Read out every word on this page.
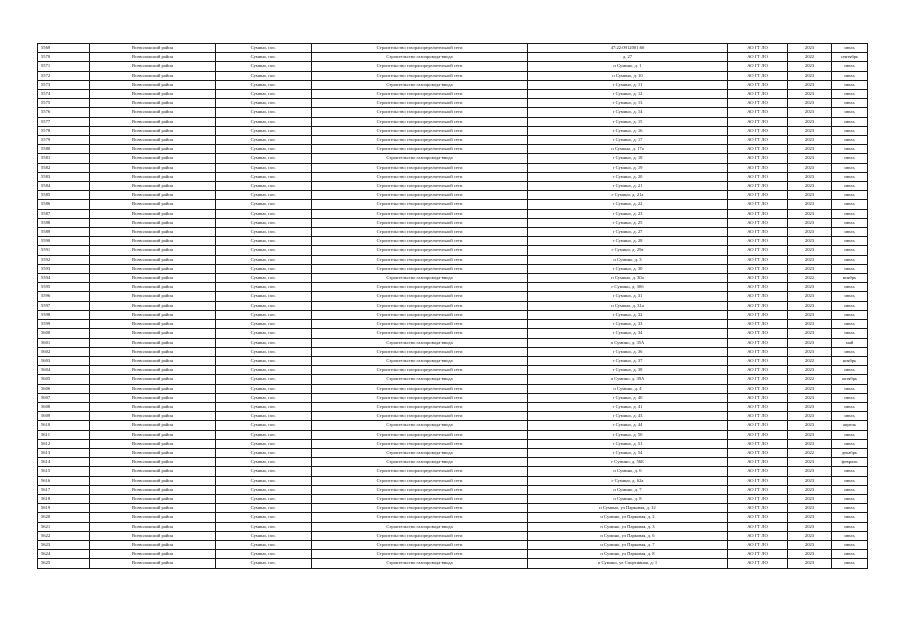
5569	Всеволожский район	Сумино, пос.	Строительство газораспределительной сети	47:22:0912001:60	АО ГТ ЛО	2023	июль
5570	Всеволожский район	Сумино, пос.	Строительство газопровода-ввода	д. 27	АО ГТ ЛО	2022	сентябрь
5571	Всеволожский район	Сумино, пос.	Строительство газораспределительной сети	п Сумино, д. 1	АО ГТ ЛО	2023	июль
5572	Всеволожский район	Сумино, пос.	Строительство газораспределительной сети	п Сумино, д. 10	АО ГТ ЛО	2023	июль
5573	Всеволожский район	Сумино, пос.	Строительство газопровода-ввода	г Сумино, д. 11	АО ГТ ЛО	2023	июль
5574	Всеволожский район	Сумино, пос.	Строительство газораспределительной сети	г Сумино, д. 12	АО ГТ ЛО	2023	июль
5575	Всеволожский район	Сумино, пос.	Строительство газораспределительной сети	г Сумино, д. 13	АО ГТ ЛО	2023	июль
5576	Всеволожский район	Сумино, пос.	Строительство газораспределительной сети	г Сумино, д. 14	АО ГТ ЛО	2023	июль
5577	Всеволожский район	Сумино, пос.	Строительство газораспределительной сети	г Сумино, д. 15	АО ГТ ЛО	2023	июль
5578	Всеволожский район	Сумино, пос.	Строительство газораспределительной сети	г Сумино, д. 16	АО ГТ ЛО	2023	июль
5579	Всеволожский район	Сумино, пос.	Строительство газораспределительной сети	г Сумино, д. 17	АО ГТ ЛО	2023	июль
5580	Всеволожский район	Сумино, пос.	Строительство газораспределительной сети	п Сумино, д. 17а	АО ГТ ЛО	2023	июль
5581	Всеволожский район	Сумино, пос.	Строительство газопровода-ввода	г Сумино, д. 18	АО ГТ ЛО	2023	июль
5582	Всеволожский район	Сумино, пос.	Строительство газораспределительной сети	г Сумино, д. 19	АО ГТ ЛО	2023	июль
5583	Всеволожский район	Сумино, пос.	Строительство газораспределительной сети	г Сумино, д. 20	АО ГТ ЛО	2023	июль
5584	Всеволожский район	Сумино, пос.	Строительство газораспределительной сети	г Сумино, д. 21	АО ГТ ЛО	2023	июль
5585	Всеволожский район	Сумино, пос.	Строительство газораспределительной сети	г Сумино, д. 21а	АО ГТ ЛО	2023	июль
5586	Всеволожский район	Сумино, пос.	Строительство газораспределительной сети	г Сумино, д. 22	АО ГТ ЛО	2023	июль
5587	Всеволожский район	Сумино, пос.	Строительство газораспределительной сети	г Сумино, д. 23	АО ГТ ЛО	2023	июль
5588	Всеволожский район	Сумино, пос.	Строительство газораспределительной сети	г Сумино, д. 25	АО ГТ ЛО	2023	июль
5589	Всеволожский район	Сумино, пос.	Строительство газораспределительной сети	г Сумино, д. 27	АО ГТ ЛО	2023	июль
5590	Всеволожский район	Сумино, пос.	Строительство газораспределительной сети	г Сумино, д. 28	АО ГТ ЛО	2023	июль
5591	Всеволожский район	Сумино, пос.	Строительство газораспределительной сети	г Сумино, д. 29а	АО ГТ ЛО	2023	июль
5592	Всеволожский район	Сумино, пос.	Строительство газораспределительной сети	п Сумино, д. 3	АО ГТ ЛО	2023	июль
5593	Всеволожский район	Сумино, пос.	Строительство газораспределительной сети	г Сумино, д. 30	АО ГТ ЛО	2023	июль
5594	Всеволожский район	Сумино, пос.	Строительство газопровода-ввода	п Сумино, д. 30а	АО ГТ ЛО	2022	ноябрь
5595	Всеволожский район	Сумино, пос.	Строительство газораспределительной сети	г Сумино, д. 30б	АО ГТ ЛО	2023	июль
5596	Всеволожский район	Сумино, пос.	Строительство газораспределительной сети	г Сумино, д. 31	АО ГТ ЛО	2023	июль
5597	Всеволожский район	Сумино, пос.	Строительство газораспределительной сети	п Сумино, д. 31а	АО ГТ ЛО	2023	июль
5598	Всеволожский район	Сумино, пос.	Строительство газораспределительной сети	г Сумино, д. 32	АО ГТ ЛО	2023	июль
5599	Всеволожский район	Сумино, пос.	Строительство газораспределительной сети	г Сумино, д. 33	АО ГТ ЛО	2023	июль
5600	Всеволожский район	Сумино, пос.	Строительство газораспределительной сети	г Сумино, д. 34	АО ГТ ЛО	2023	июль
5601	Всеволожский район	Сумино, пос.	Строительство газопровода-ввода	п Сумино, д. 35А	АО ГТ ЛО	2023	май
5602	Всеволожский район	Сумино, пос.	Строительство газораспределительной сети	г Сумино, д. 36	АО ГТ ЛО	2023	июль
5603	Всеволожский район	Сумино, пос.	Строительство газопровода-ввода	г Сумино, д. 37	АО ГТ ЛО	2022	ноябрь
5604	Всеволожский район	Сумино, пос.	Строительство газораспределительной сети	г Сумино, д. 38	АО ГТ ЛО	2023	июль
5605	Всеволожский район	Сумино, пос.	Строительство газопровода-ввода	п Сумино, д. 39А	АО ГТ ЛО	2022	октябрь
5606	Всеволожский район	Сумино, пос.	Строительство газораспределительной сети	п Сумино, д. 4	АО ГТ ЛО	2023	июль
5607	Всеволожский район	Сумино, пос.	Строительство газораспределительной сети	г Сумино, д. 40	АО ГТ ЛО	2023	июль
5608	Всеволожский район	Сумино, пос.	Строительство газораспределительной сети	г Сумино, д. 41	АО ГТ ЛО	2023	июль
5609	Всеволожский район	Сумино, пос.	Строительство газораспределительной сети	г Сумино, д. 43	АО ГТ ЛО	2023	июль
5610	Всеволожский район	Сумино, пос.	Строительство газопровода-ввода	г Сумино, д. 44	АО ГТ ЛО	2023	апрель
5611	Всеволожский район	Сумино, пос.	Строительство газораспределительной сети	г Сумино, д. 50	АО ГТ ЛО	2023	июль
5612	Всеволожский район	Сумино, пос.	Строительство газораспределительной сети	г Сумино, д. 51	АО ГТ ЛО	2023	июль
5613	Всеволожский район	Сумино, пос.	Строительство газопровода-ввода	г Сумино, д. 54	АО ГТ ЛО	2022	декабрь
5614	Всеволожский район	Сумино, пос.	Строительство газопровода-ввода	г Сумино, д. 56Б	АО ГТ ЛО	2023	февраль
5615	Всеволожский район	Сумино, пос.	Строительство газораспределительной сети	п Сумино, д. 6	АО ГТ ЛО	2023	июль
5616	Всеволожский район	Сумино, пос.	Строительство газораспределительной сети	г Сумино, д. 62а	АО ГТ ЛО	2023	июль
5617	Всеволожский район	Сумино, пос.	Строительство газораспределительной сети	п Сумино, д. 7	АО ГТ ЛО	2023	июль
5618	Всеволожский район	Сумино, пос.	Строительство газораспределительной сети	п Сумино, д. 8	АО ГТ ЛО	2023	июль
5619	Всеволожский район	Сумино, пос.	Строительство газораспределительной сети	п Сумино, ул Парковая, д. 12	АО ГТ ЛО	2023	июль
5620	Всеволожский район	Сумино, пос.	Строительство газораспределительной сети	п Сумино, ул Парковая, д. 2	АО ГТ ЛО	2023	июль
5621	Всеволожский район	Сумино, пос.	Строительство газопровода-ввода	п Сумино, ул Парковая, д. 3	АО ГТ ЛО	2023	июль
5622	Всеволожский район	Сумино, пос.	Строительство газораспределительной сети	п Сумино, ул Парковая, д. 6	АО ГТ ЛО	2023	июль
5623	Всеволожский район	Сумино, пос.	Строительство газораспределительной сети	п Сумино, ул Парковая, д. 7	АО ГТ ЛО	2023	июль
5624	Всеволожский район	Сумино, пос.	Строительство газораспределительной сети	п Сумино, ул Парковая, д. 8	АО ГТ ЛО	2023	июль
5625	Всеволожский район	Сумино, пос.	Строительство газопровода-ввода	п Сумино, ул Спортивная, д. 1	АО ГТ ЛО	2023	июль
